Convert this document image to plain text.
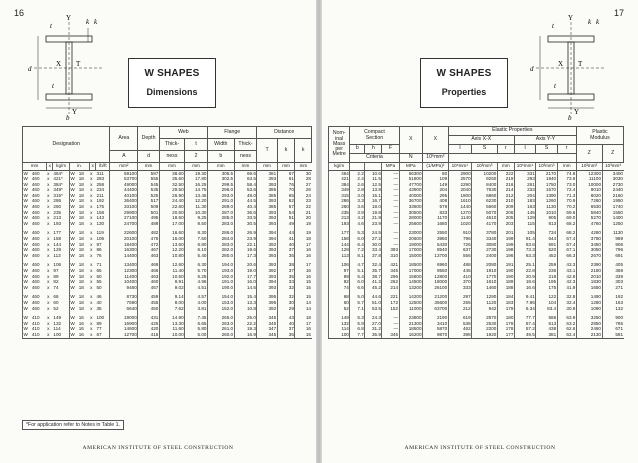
16
t	k k
d
X T
t
b
Y
Y
W SHAPES
Dimensions
Designation								Area	Depth	Web		Flange		Distance		
										Thick-	t	Width	Thick-	T	k	k
								A	d	ness	2	b	ness			
mm		x	kg/m	in.		x	lb/ft	mm²	mm	mm	mm	mm	mm	mm	mm	mm
W	460	x	464*	W	18	x	311	59100	587	38.60	19.30	305.5	69.6	381	67	30
W	460	x	421*	W	18	x	283	53700	555	35.60	17.80	302.5	63.5	393	61	28
W	460	x	384*	W	18	x	258	49000	545	32.50	16.25	299.5	58.4	393	76	27
W	460	x	349*	W	18	x	234	44400	535	29.50	14.75	296.0	53.6	386	70	26
W	460	x	315*	W	18	x	211	40100	525	26.90	13.45	293.0	48.0	385	65	24
W	460	x	286	W	18	x	192	36400	517	24.40	12.20	291.0	44.5	393	62	23
W	460	x	260	W	18	x	175	33100	509	22.60	11.30	289.0	40.4	385	57	22
W	460	x	235	W	18	x	158	29900	501	20.60	10.30	287.0	36.6	393	54	21
W	460	x	213	W	18	x	143	27100	495	18.50	9.25	285.0	33.5	393	51	20
W	460	x	193	W	18	x	130	24700	489	17.00	8.50	283.0	30.5	393	49	19

W	460	x	177	W	18	x	119	22600	482	16.60	8.30	286.0	26.9	394	44	19
W	460	x	158	W	18	x	106	20100	476	15.00	7.50	284.0	23.9	394	41	18
W	460	x	144	W	18	x	97	18400	472	13.60	6.80	283.0	22.1	392	40	17
W	460	x	128	W	18	x	86	16300	467	12.20	6.10	282.0	19.6	393	37	16
W	460	x	113	W	18	x	76	14400	463	10.80	5.40	280.0	17.3	393	35	16

W	460	x	106	W	18	x	71	13400	469	12.60	6.30	194.0	20.6	393	38	17
W	460	x	97	W	18	x	65	12300	466	11.40	5.70	193.0	19.0	392	37	16
W	460	x	89	W	18	x	60	11400	463	10.50	5.25	192.0	17.7	393	35	16
W	460	x	82	W	18	x	55	10400	460	9.91	4.96	191.0	16.0	394	33	15
W	460	x	74	W	18	x	50	9460	457	9.02	4.51	190.0	14.5	393	32	15

W	460	x	68	W	18	x	46	8730	459	9.14	4.57	154.0	15.4	395	32	15
W	460	x	60	W	18	x	40	7590	455	8.00	4.00	153.0	13.3	395	30	14
W	460	x	52	W	18	x	35	6640	450	7.62	3.81	152.0	10.8	392	29	14

W	410	x	149	W	16	x	100	19000	431	14.90	7.45	265.0	25.0	345	43	18
W	410	x	132	W	16	x	89	16900	425	13.30	6.65	263.0	22.2	345	40	17
W	410	x	114	W	16	x	77	14600	420	11.60	5.80	261.0	19.3	347	37	16
W	410	x	100	W	16	x	67	12700	415	10.00	5.00	260.0	16.9	345	35	15
*For application refer to Notes in Table 1.
AMERICAN INSTITUTE OF STEEL CONSTRUCTION
17
W SHAPES
Properties
t	k k
d
X T
t
b
Y
Y
Nom-
inal
Mass
per
Metre	Compact
Section			X	X	Elastic Properties						Plastic
Modulus	
						Axis X-X			Axis Y-Y				
	b	h	F			I	S	r	I	S	r	Z	Z
	Criteria			N	10⁶mm²								
kg/m			MPa	MPa	(1/MPa)²	10⁶mm⁴	10³mm³	mm	10⁶mm⁴	10³mm³	mm	10³mm³	10³mm³
464	2.2	10.6	—	56300	80	2900	10200	222	331	2170	74.8	12300	3400
421	2.4	11.5	—	51800	109	2570	9260	219	293	1940	73.9	11100	3030
384	2.6	12.5	—	47700	149	2290	8400	216	261	1750	73.0	10000	2730
349	2.8	13.8	—	43900	204	2040	7630	214	233	1570	72.4	9010	2440
315	3.0	15.1	—	40000	295	1800	6860	212	204	1390	71.3	8020	2160
286	3.3	16.7	—	36700	408	1610	6230	210	183	1260	70.9	7260	1950
260	3.6	18.0	—	33600	579	1440	5660	209	163	1130	70.2	6530	1740
235	3.9	19.8	—	30500	833	1270	5070	206	145	1010	69.6	5840	1550
213	4.2	21.9	—	28000	1170	1140	4610	205	129	905	69.0	5270	1400
193	4.6	23.9	—	25600	1680	1020	4170	203	115	813	68.2	4760	1250

177	5.3	24.5	—	23000	2550	910	3780	201	105	734	68.2	4280	1130
158	6.0	27.2	—	20600	3950	796	3340	199	91.4	644	67.4	3780	989
144	6.4	30.0	—	19000	5430	726	3080	199	83.6	591	67.4	3450	906
128	7.2	33.4	393	17000	8540	637	2730	198	73.3	520	67.1	3050	796
113	8.1	37.8	310	15000	13700	556	2400	196	63.3	452	66.3	2670	691

106	4.7	32.4	421	18500	6960	488	2080	191	25.1	259	43.3	2390	405
97	5.1	35.7	345	17000	9550	445	1910	190	22.8	236	43.1	2180	368
89	5.4	38.7	296	15800	12800	410	1770	190	20.9	218	42.8	2010	339
82	6.0	41.2	262	14500	18000	370	1610	189	18.6	195	42.3	1830	303
74	6.6	45.2	214	13200	26100	333	1460	188	16.6	175	41.9	1650	271

68	5.0	44.6	221	14200	21200	297	1290	184	9.41	122	32.8	1490	192
60	5.7	51.0	172	12500	35600	255	1120	183	7.96	104	32.4	1280	163
52	7.1	53.5	152	11000	63700	212	942	179	6.34	83.4	30.9	1090	132

149	5.3	24.3	—	23800	2190	619	2870	180	77.7	586	63.9	3250	900
132	5.9	27.0	—	21300	3410	538	2530	178	67.4	513	63.2	2850	785
114	6.8	31.2	—	18500	5870	462	2200	178	57.2	438	62.6	2460	671
100	7.7	35.9	345	16200	9870	398	1920	177	49.5	381	62.4	2130	581
AMERICAN INSTITUTE OF STEEL CONSTRUCTION
